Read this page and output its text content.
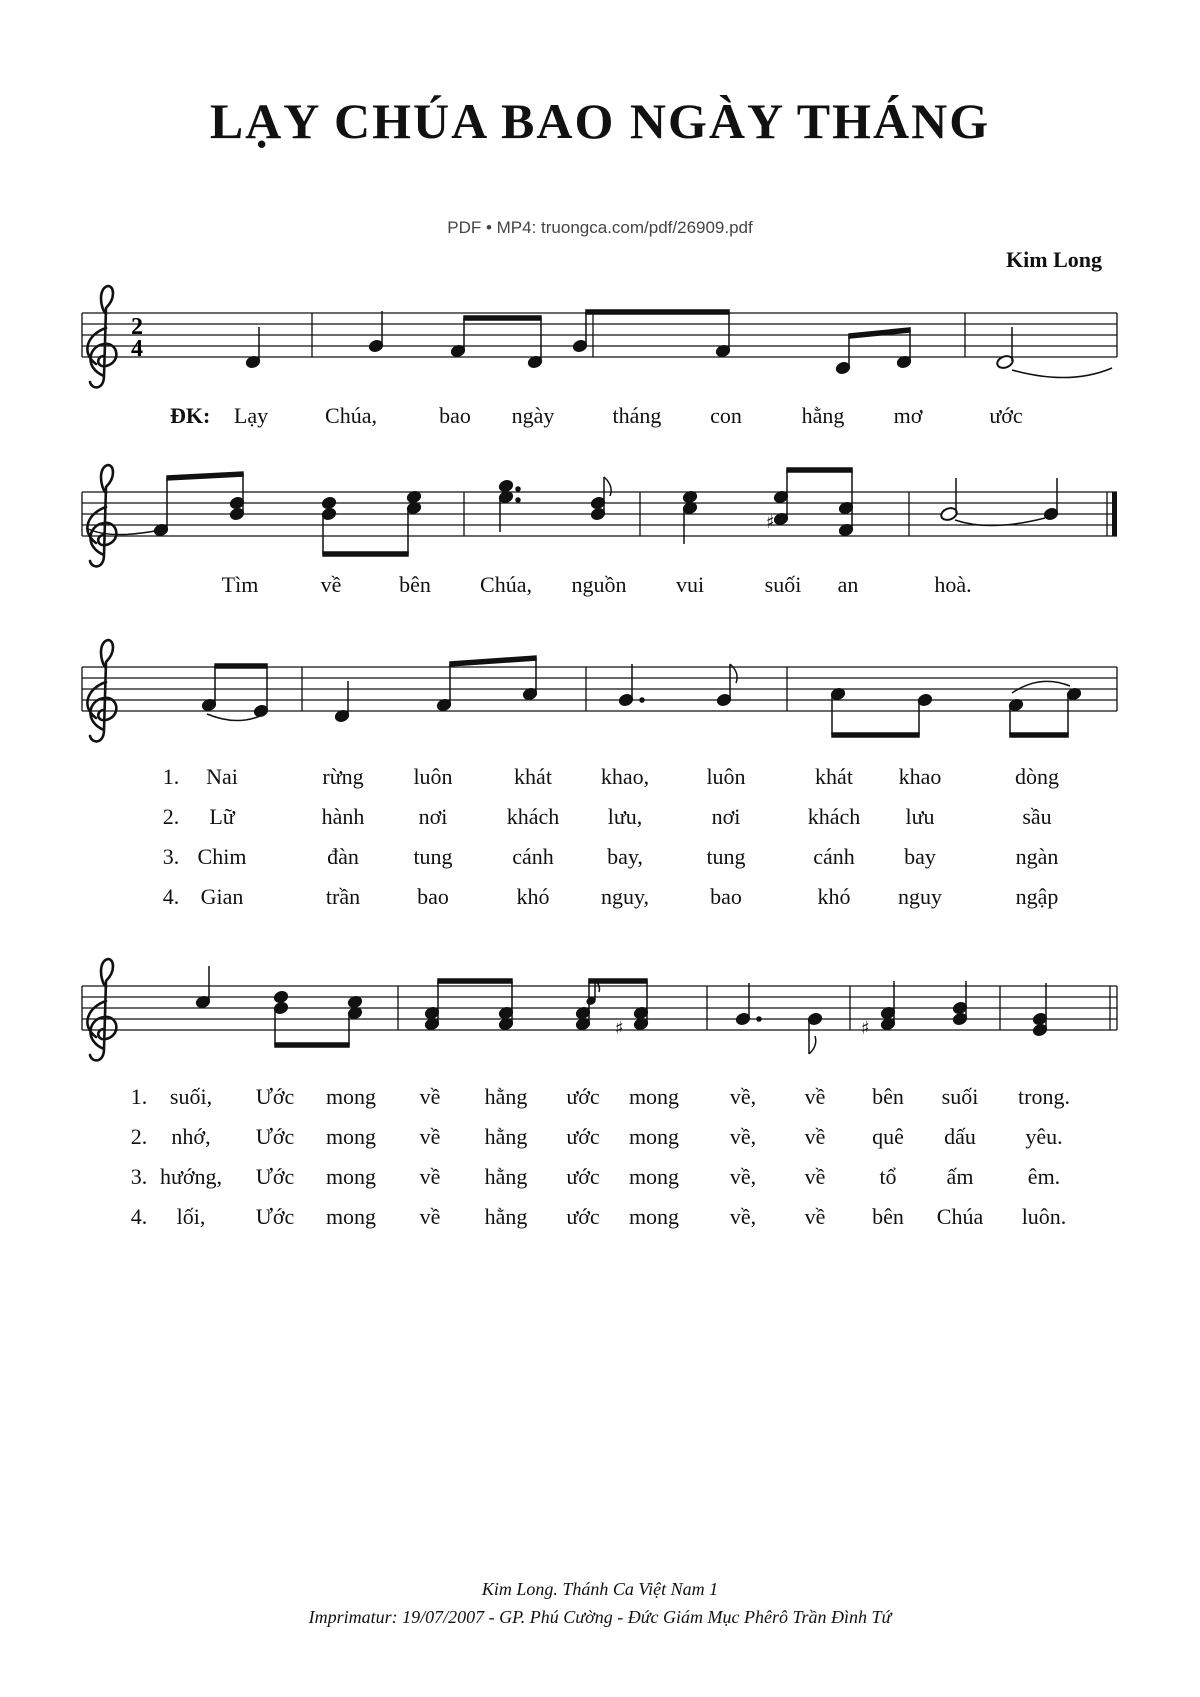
LẠY CHÚA BAO NGÀY THÁNG
PDF • MP4: truongca.com/pdf/26909.pdf
Kim Long
2
4
♯
♯	♯
ĐK: Lạy	Chúa,	bao ngày	tháng con	hằng mơ	ước
Tìm	về	bên Chúa, nguồn vui	suối an	hoà.
1. Nai	rừng luôn	khát khao,	luôn	khát khao	dòng
2. Lữ	hành nơi	khách lưu,	nơi	khách lưu	sầu
3. Chim	đàn tung	cánh bay,	tung	cánh bay	ngàn
4. Gian	trần	bao	khó nguy,	bao	khó nguy	ngập
1. suối, Ước mong về hằng ước mong về, về bên suối trong.
2. nhớ, Ước mong về hằng ước mong về, về quê dấu yêu.
3. hướng, Ước mong về hằng ước mong về, về tổ ấm êm.
4. lối, Ước mong về hằng ước mong về, về bên Chúa luôn.
Kim Long. Thánh Ca Việt Nam 1
Imprimatur: 19/07/2007 - GP. Phú Cường - Đức Giám Mục Phêrô Trần Đình Tứ
